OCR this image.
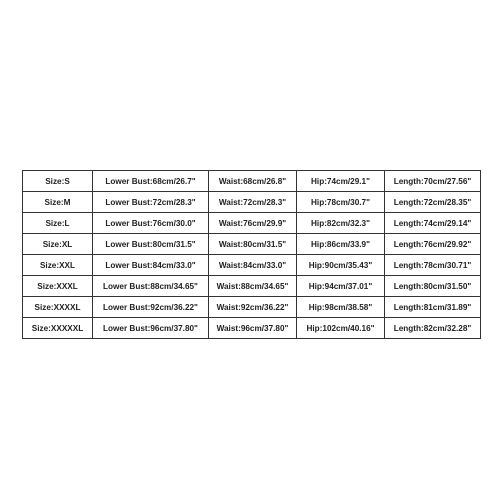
Size:S	Lower Bust:68cm/26.7"	Waist:68cm/26.8"	Hip:74cm/29.1"	Length:70cm/27.56"
Size:M	Lower Bust:72cm/28.3"	Waist:72cm/28.3"	Hip:78cm/30.7"	Length:72cm/28.35"
Size:L	Lower Bust:76cm/30.0"	Waist:76cm/29.9"	Hip:82cm/32.3"	Length:74cm/29.14"
Size:XL	Lower Bust:80cm/31.5"	Waist:80cm/31.5"	Hip:86cm/33.9"	Length:76cm/29.92"
Size:XXL	Lower Bust:84cm/33.0"	Waist:84cm/33.0"	Hip:90cm/35.43"	Length:78cm/30.71"
Size:XXXL	Lower Bust:88cm/34.65"	Waist:88cm/34.65"	Hip:94cm/37.01"	Length:80cm/31.50"
Size:XXXXL	Lower Bust:92cm/36.22"	Waist:92cm/36.22"	Hip:98cm/38.58"	Length:81cm/31.89"
Size:XXXXXL	Lower Bust:96cm/37.80"	Waist:96cm/37.80"	Hip:102cm/40.16"	Length:82cm/32.28"
